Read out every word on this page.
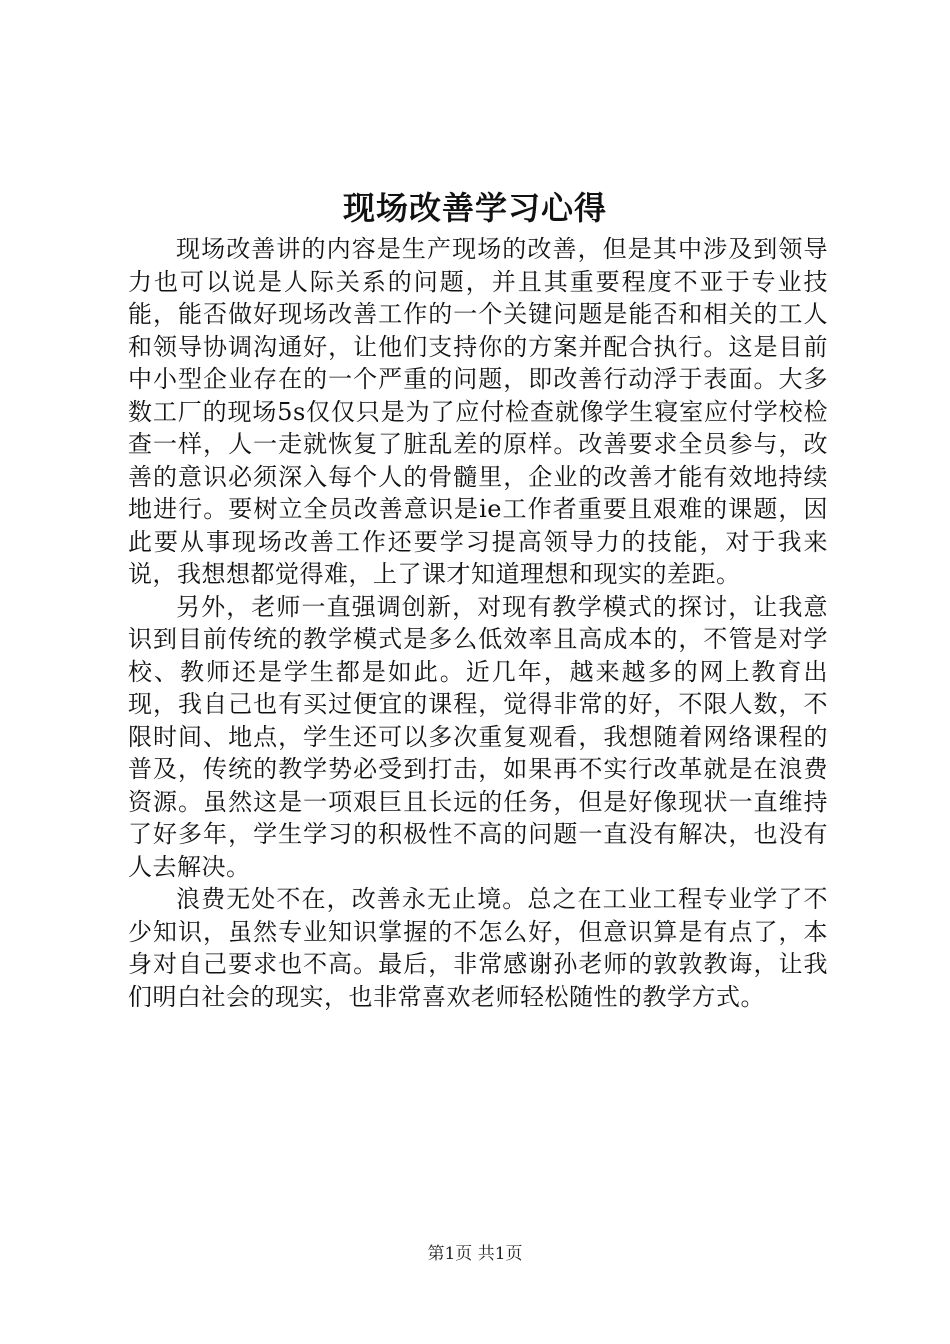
现场改善学习心得

现场改善讲的内容是生产现场的改善，但是其中涉及到领导力也可以说是人际关系的问题，并且其重要程度不亚于专业技能，能否做好现场改善工作的一个关键问题是能否和相关的工人和领导协调沟通好，让他们支持你的方案并配合执行。这是目前中小型企业存在的一个严重的问题，即改善行动浮于表面。大多数工厂的现场5s仅仅只是为了应付检查就像学生寝室应付学校检查一样，人一走就恢复了脏乱差的原样。改善要求全员参与，改善的意识必须深入每个人的骨髓里，企业的改善才能有效地持续地进行。要树立全员改善意识是ie工作者重要且艰难的课题，因此要从事现场改善工作还要学习提高领导力的技能，对于我来说，我想想都觉得难，上了课才知道理想和现实的差距。

另外，老师一直强调创新，对现有教学模式的探讨，让我意识到目前传统的教学模式是多么低效率且高成本的，不管是对学校、教师还是学生都是如此。近几年，越来越多的网上教育出现，我自己也有买过便宜的课程，觉得非常的好，不限人数，不限时间、地点，学生还可以多次重复观看，我想随着网络课程的普及，传统的教学势必受到打击，如果再不实行改革就是在浪费资源。虽然这是一项艰巨且长远的任务，但是好像现状一直维持了好多年，学生学习的积极性不高的问题一直没有解决，也没有人去解决。

浪费无处不在，改善永无止境。总之在工业工程专业学了不少知识，虽然专业知识掌握的不怎么好，但意识算是有点了，本身对自己要求也不高。最后，非常感谢孙老师的敦敦教诲，让我们明白社会的现实，也非常喜欢老师轻松随性的教学方式。

第1页 共1页
